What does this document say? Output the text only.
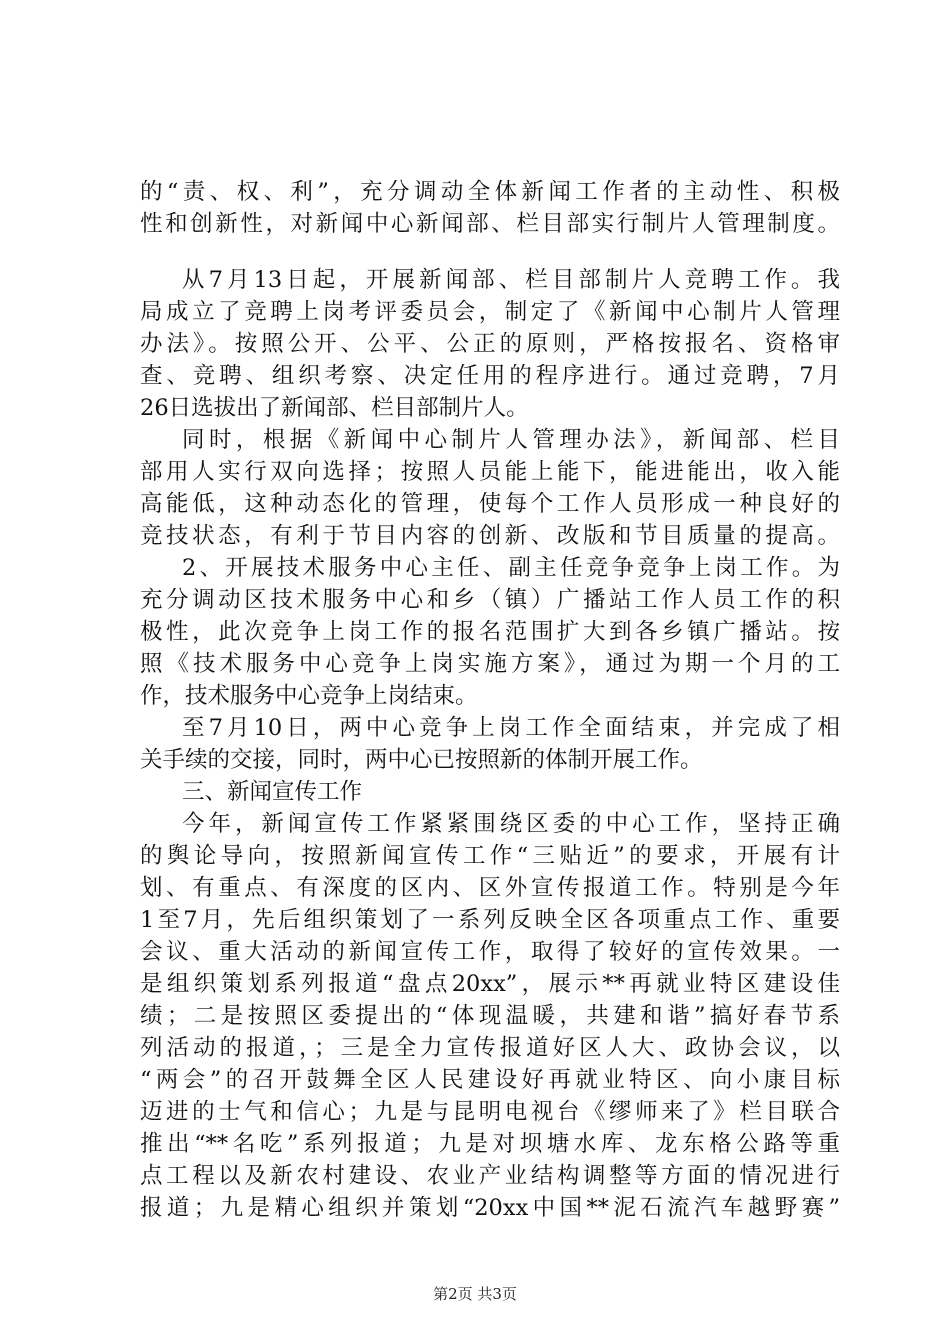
的“责、权、利”，充分调动全体新闻工作者的主动性、积极
性和创新性，对新闻中心新闻部、栏目部实行制片人管理制度。
从7月13日起，开展新闻部、栏目部制片人竞聘工作。我
局成立了竞聘上岗考评委员会，制定了《新闻中心制片人管理
办法》。按照公开、公平、公正的原则，严格按报名、资格审
查、竞聘、组织考察、决定任用的程序进行。通过竞聘，7月
26日选拔出了新闻部、栏目部制片人。
同时，根据《新闻中心制片人管理办法》，新闻部、栏目
部用人实行双向选择；按照人员能上能下，能进能出，收入能
高能低，这种动态化的管理，使每个工作人员形成一种良好的
竞技状态，有利于节目内容的创新、改版和节目质量的提高。
2、开展技术服务中心主任、副主任竞争竞争上岗工作。为
充分调动区技术服务中心和乡（镇）广播站工作人员工作的积
极性，此次竞争上岗工作的报名范围扩大到各乡镇广播站。按
照《技术服务中心竞争上岗实施方案》，通过为期一个月的工
作，技术服务中心竞争上岗结束。
至7月10日，两中心竞争上岗工作全面结束，并完成了相
关手续的交接，同时，两中心已按照新的体制开展工作。
三、新闻宣传工作
今年，新闻宣传工作紧紧围绕区委的中心工作，坚持正确
的舆论导向，按照新闻宣传工作“三贴近”的要求，开展有计
划、有重点、有深度的区内、区外宣传报道工作。特别是今年
1至7月，先后组织策划了一系列反映全区各项重点工作、重要
会议、重大活动的新闻宣传工作，取得了较好的宣传效果。一
是组织策划系列报道“盘点20xx”，展示**再就业特区建设佳
绩；二是按照区委提出的“体现温暖，共建和谐”搞好春节系
列活动的报道，；三是全力宣传报道好区人大、政协会议，以
“两会”的召开鼓舞全区人民建设好再就业特区、向小康目标
迈进的士气和信心；九是与昆明电视台《缪师来了》栏目联合
推出“**名吃”系列报道；九是对坝塘水库、龙东格公路等重
点工程以及新农村建设、农业产业结构调整等方面的情况进行
报道；九是精心组织并策划“20xx中国**泥石流汽车越野赛”
第2页 共3页
